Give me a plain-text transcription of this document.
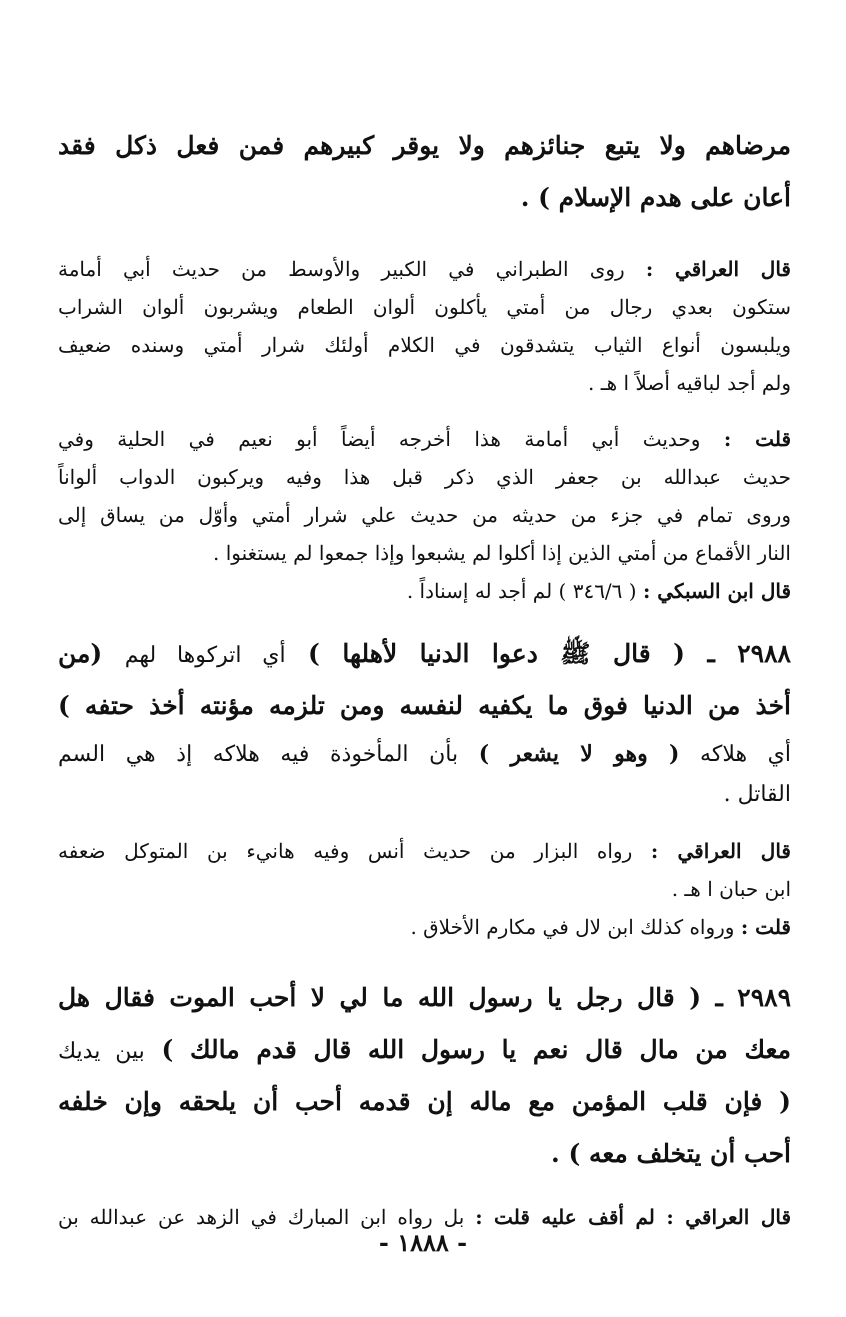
مرضاهم ولا يتبع جنائزهم ولا يوقر كبيرهم فمن فعل ذكل فقد
أعان على هدم الإسلام ) .
قال العراقي : روى الطبراني في الكبير والأوسط من حديث أبي أمامة
ستكون بعدي رجال من أمتي يأكلون ألوان الطعام ويشربون ألوان الشراب
ويلبسون أنواع الثياب يتشدقون في الكلام أولئك شرار أمتي وسنده ضعيف
ولم أجد لباقيه أصلاً ا هـ .
قلت : وحديث أبي أمامة هذا أخرجه أيضاً أبو نعيم في الحلية وفي
حديث عبدالله بن جعفر الذي ذكر قبل هذا وفيه ويركبون الدواب ألواناً
وروى تمام في جزء من حديثه من حديث علي شرار أمتي وأوّل من يساق إلى
النار الأقماع من أمتي الذين إذا أكلوا لم يشبعوا وإذا جمعوا لم يستغنوا .
قال ابن السبكي : ( ٣٤٦/٦ ) لم أجد له إسناداً .
٢٩٨٨ ـ ( قال ﷺ دعوا الدنيا لأهلها ) أي اتركوها لهم (من
أخذ من الدنيا فوق ما يكفيه لنفسه ومن تلزمه مؤنته أخذ حتفه )
أي هلاكه ( وهو لا يشعر ) بأن المأخوذة فيه هلاكه إذ هي السم
القاتل .
قال العراقي : رواه البزار من حديث أنس وفيه هانيء بن المتوكل ضعفه
ابن حبان ا هـ .
قلت : ورواه كذلك ابن لال في مكارم الأخلاق .
٢٩٨٩ ـ ( قال رجل يا رسول الله ما لي لا أحب الموت فقال هل
معك من مال قال نعم يا رسول الله قال قدم مالك ) بين يديك
( فإن قلب المؤمن مع ماله إن قدمه أحب أن يلحقه وإن خلفه
أحب أن يتخلف معه ) .
قال العراقي : لم أقف عليه قلت : بل رواه ابن المبارك في الزهد عن عبدالله بن
- ١٨٨٨ -
